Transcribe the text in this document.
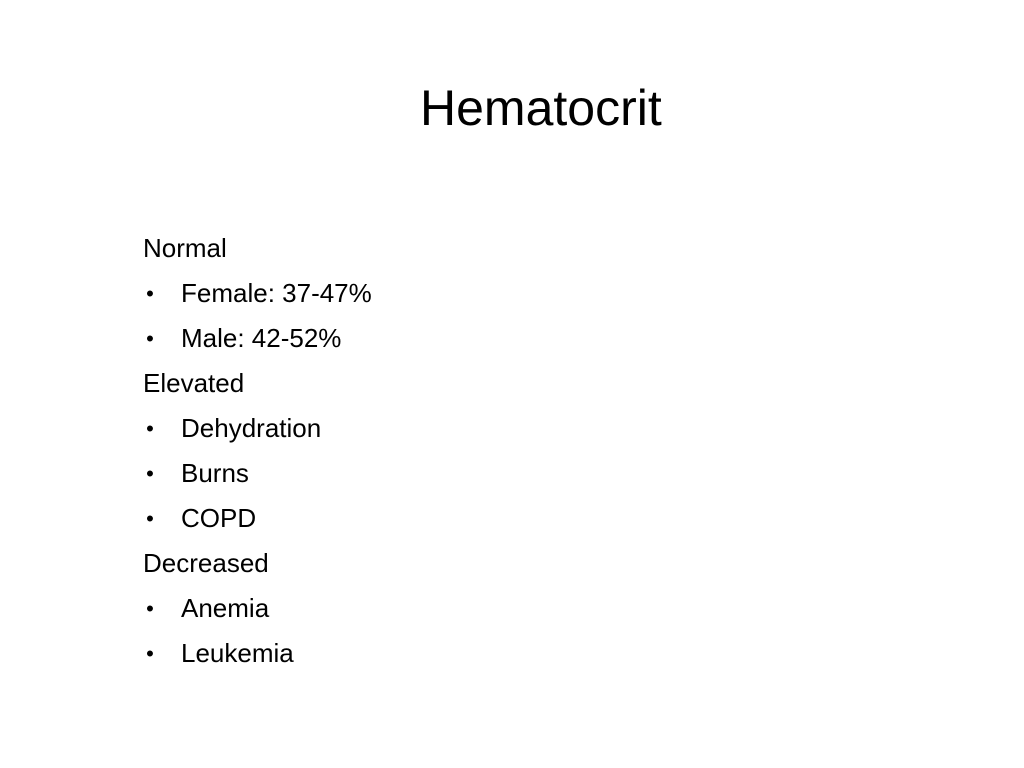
Hematocrit
Normal
• Female: 37-47%
• Male: 42-52%
Elevated
• Dehydration
• Burns
• COPD
Decreased
• Anemia
• Leukemia
